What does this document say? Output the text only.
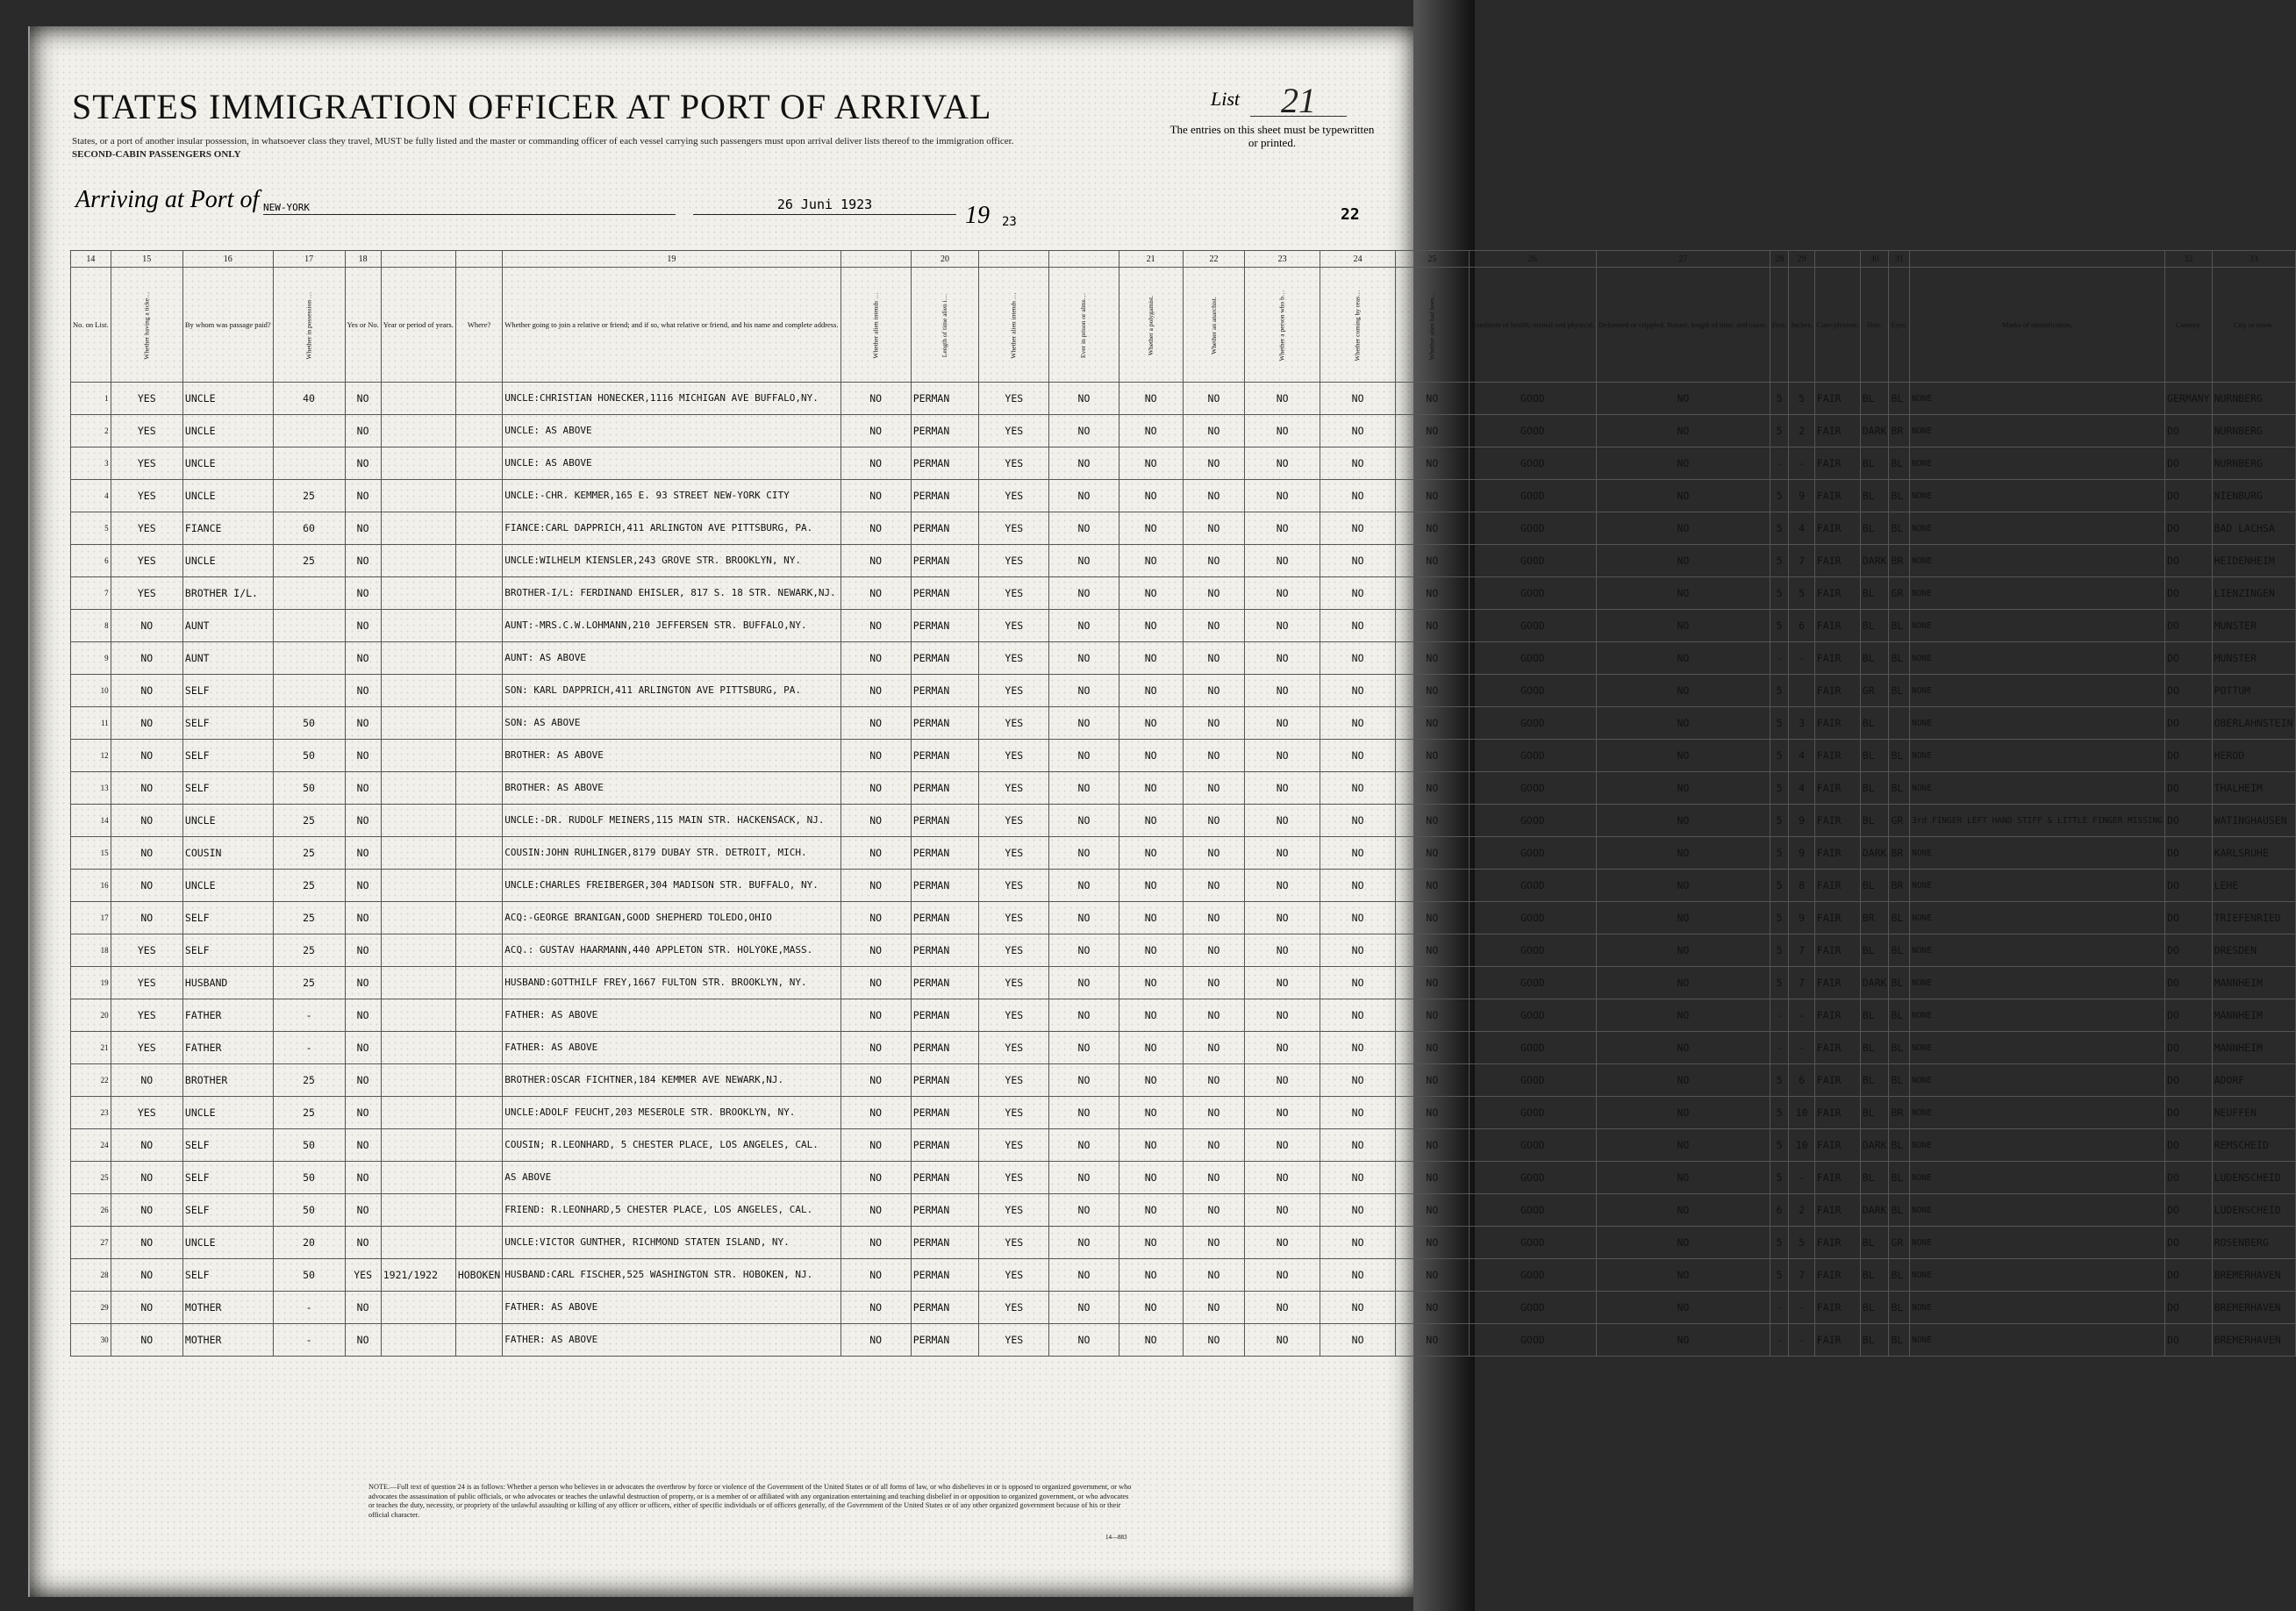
STATES IMMIGRATION OFFICER AT PORT OF ARRIVAL
States, or a port of another insular possession, in whatsoever class they travel, MUST be fully listed and the master or commanding officer of each vessel carrying such passengers must upon arrival deliver lists thereof to the immigration officer.
SECOND-CABIN PASSENGERS ONLY
List	21
The entries on this sheet must be typewritten or printed.
Arriving at Port of NEW-YORK	26 Juni 1923	19 23	22
14	15	16	17	18			19		20			21	22	23	24	25	26	27	28	29		30	31		32	33
No. on List.	Whether having a ticke…	By whom was passage paid?	Whether in possession …	Yes or No.	Year or period of years.	Where?	Whether going to join a relative or friend; and if so, what relative or friend, and his name and complete address.	Whether alien intends …	Length of time alien i…	Whether alien intends …	Ever in prison or alms…	Whether a polygamist.	Whether an anarchist.	Whether a person who b…	Whether coming by reas…	Whether alien had been…	Condition of health, mental and physical.	Deformed or crippled. Nature, length of time, and cause.	Feet.	Inches.	Com-plexion.	Hair.	Eyes.	Marks of identification.	Country.	City or town.
1	YES	UNCLE	40	NO			UNCLE:CHRISTIAN HONECKER,1116 MICHIGAN AVE BUFFALO,NY.	NO	PERMAN	YES	NO	NO	NO	NO	NO	NO	GOOD	NO	5	5	FAIR	BL	BL	NONE	GERMANY	NURNBERG
2	YES	UNCLE		NO			UNCLE: AS ABOVE	NO	PERMAN	YES	NO	NO	NO	NO	NO	NO	GOOD	NO	5	2	FAIR	DARK	BR	NONE	DO	NURNBERG
3	YES	UNCLE		NO			UNCLE: AS ABOVE	NO	PERMAN	YES	NO	NO	NO	NO	NO	NO	GOOD	NO	-	-	FAIR	BL	BL	NONE	DO	NURNBERG
4	YES	UNCLE	25	NO			UNCLE:-CHR. KEMMER,165 E. 93 STREET NEW-YORK CITY	NO	PERMAN	YES	NO	NO	NO	NO	NO	NO	GOOD	NO	5	9	FAIR	BL	BL	NONE	DO	NIENBURG
5	YES	FIANCE	60	NO			FIANCE:CARL DAPPRICH,411 ARLINGTON AVE PITTSBURG, PA.	NO	PERMAN	YES	NO	NO	NO	NO	NO	NO	GOOD	NO	5	4	FAIR	BL	BL	NONE	DO	BAD LACHSA
6	YES	UNCLE	25	NO			UNCLE:WILHELM KIENSLER,243 GROVE STR. BROOKLYN, NY.	NO	PERMAN	YES	NO	NO	NO	NO	NO	NO	GOOD	NO	5	7	FAIR	DARK	BR	NONE	DO	HEIDENHEIM
7	YES	BROTHER I/L.		NO			BROTHER-I/L: FERDINAND EHISLER, 817 S. 18 STR. NEWARK,NJ.	NO	PERMAN	YES	NO	NO	NO	NO	NO	NO	GOOD	NO	5	5	FAIR	BL	GR	NONE	DO	LIENZINGEN
8	NO	AUNT		NO			AUNT:-MRS.C.W.LOHMANN,210 JEFFERSEN STR. BUFFALO,NY.	NO	PERMAN	YES	NO	NO	NO	NO	NO	NO	GOOD	NO	5	6	FAIR	BL	BL	NONE	DO	MUNSTER
9	NO	AUNT		NO			AUNT: AS ABOVE	NO	PERMAN	YES	NO	NO	NO	NO	NO	NO	GOOD	NO	-	-	FAIR	BL	BL	NONE	DO	MUNSTER
10	NO	SELF		NO			SON: KARL DAPPRICH,411 ARLINGTON AVE PITTSBURG, PA.	NO	PERMAN	YES	NO	NO	NO	NO	NO	NO	GOOD	NO	5		FAIR	GR	BL	NONE	DO	POTTUM
11	NO	SELF	50	NO			SON: AS ABOVE	NO	PERMAN	YES	NO	NO	NO	NO	NO	NO	GOOD	NO	5	3	FAIR	BL		NONE	DO	OBERLAHNSTEIN
12	NO	SELF	50	NO			BROTHER: AS ABOVE	NO	PERMAN	YES	NO	NO	NO	NO	NO	NO	GOOD	NO	5	4	FAIR	BL	BL	NONE	DO	HEROD
13	NO	SELF	50	NO			BROTHER: AS ABOVE	NO	PERMAN	YES	NO	NO	NO	NO	NO	NO	GOOD	NO	5	4	FAIR	BL	BL	NONE	DO	THALHEIM
14	NO	UNCLE	25	NO			UNCLE:-DR. RUDOLF MEINERS,115 MAIN STR. HACKENSACK, NJ.	NO	PERMAN	YES	NO	NO	NO	NO	NO	NO	GOOD	NO	5	9	FAIR	BL	GR	3rd FINGER LEFT HAND STIFF & LITTLE FINGER MISSING	DO	WATINGHAUSEN
15	NO	COUSIN	25	NO			COUSIN:JOHN RUHLINGER,8179 DUBAY STR. DETROIT, MICH.	NO	PERMAN	YES	NO	NO	NO	NO	NO	NO	GOOD	NO	5	9	FAIR	DARK	BR	NONE	DO	KARLSRUHE
16	NO	UNCLE	25	NO			UNCLE:CHARLES FREIBERGER,304 MADISON STR. BUFFALO, NY.	NO	PERMAN	YES	NO	NO	NO	NO	NO	NO	GOOD	NO	5	8	FAIR	BL	BR	NONE	DO	LEHE
17	NO	SELF	25	NO			ACQ:-GEORGE BRANIGAN,GOOD SHEPHERD TOLEDO,OHIO	NO	PERMAN	YES	NO	NO	NO	NO	NO	NO	GOOD	NO	5	9	FAIR	BR	BL	NONE	DO	TRIEFENRIED
18	YES	SELF	25	NO			ACQ.: GUSTAV HAARMANN,440 APPLETON STR. HOLYOKE,MASS.	NO	PERMAN	YES	NO	NO	NO	NO	NO	NO	GOOD	NO	5	7	FAIR	BL	BL	NONE	DO	DRESDEN
19	YES	HUSBAND	25	NO			HUSBAND:GOTTHILF FREY,1667 FULTON STR. BROOKLYN, NY.	NO	PERMAN	YES	NO	NO	NO	NO	NO	NO	GOOD	NO	5	7	FAIR	DARK	BL	NONE	DO	MANNHEIM
20	YES	FATHER	-	NO			FATHER: AS ABOVE	NO	PERMAN	YES	NO	NO	NO	NO	NO	NO	GOOD	NO	-	-	FAIR	BL	BL	NONE	DO	MANNHEIM
21	YES	FATHER	-	NO			FATHER: AS ABOVE	NO	PERMAN	YES	NO	NO	NO	NO	NO	NO	GOOD	NO	-	-	FAIR	BL	BL	NONE	DO	MANNHEIM
22	NO	BROTHER	25	NO			BROTHER:OSCAR FICHTNER,184 KEMMER AVE NEWARK,NJ.	NO	PERMAN	YES	NO	NO	NO	NO	NO	NO	GOOD	NO	5	6	FAIR	BL	BL	NONE	DO	ADORF
23	YES	UNCLE	25	NO			UNCLE:ADOLF FEUCHT,203 MESEROLE STR. BROOKLYN, NY.	NO	PERMAN	YES	NO	NO	NO	NO	NO	NO	GOOD	NO	5	10	FAIR	BL	BR	NONE	DO	NEUFFEN
24	NO	SELF	50	NO			COUSIN; R.LEONHARD, 5 CHESTER PLACE, LOS ANGELES, CAL.	NO	PERMAN	YES	NO	NO	NO	NO	NO	NO	GOOD	NO	5	10	FAIR	DARK	BL	NONE	DO	REMSCHEID
25	NO	SELF	50	NO			AS ABOVE	NO	PERMAN	YES	NO	NO	NO	NO	NO	NO	GOOD	NO	5	-	FAIR	BL	BL	NONE	DO	LUDENSCHEID
26	NO	SELF	50	NO			FRIEND: R.LEONHARD,5 CHESTER PLACE, LOS ANGELES, CAL.	NO	PERMAN	YES	NO	NO	NO	NO	NO	NO	GOOD	NO	6	2	FAIR	DARK	BL	NONE	DO	LUDENSCHEID
27	NO	UNCLE	20	NO			UNCLE:VICTOR GUNTHER, RICHMOND STATEN ISLAND, NY.	NO	PERMAN	YES	NO	NO	NO	NO	NO	NO	GOOD	NO	5	5	FAIR	BL	GR	NONE	DO	ROSENBERG
28	NO	SELF	50	YES	1921/1922	HOBOKEN	HUSBAND:CARL FISCHER,525 WASHINGTON STR. HOBOKEN, NJ.	NO	PERMAN	YES	NO	NO	NO	NO	NO	NO	GOOD	NO	5	7	FAIR	BL	BL	NONE	DO	BREMERHAVEN
29	NO	MOTHER	-	NO			FATHER: AS ABOVE	NO	PERMAN	YES	NO	NO	NO	NO	NO	NO	GOOD	NO	-	-	FAIR	BL	BL	NONE	DO	BREMERHAVEN
30	NO	MOTHER	-	NO			FATHER: AS ABOVE	NO	PERMAN	YES	NO	NO	NO	NO	NO	NO	GOOD	NO	-	-	FAIR	BL	BL	NONE	DO	BREMERHAVEN
NOTE.—Full text of question 24 is as follows: Whether a person who believes in or advocates the overthrow by force or violence of the Government of the United States or of all forms of law, or who disbelieves in or is opposed to organized government, or who advocates the assassination of public officials, or who advocates or teaches the unlawful destruction of property, or is a member of or affiliated with any organization entertaining and teaching disbelief in or opposition to organized government, or who advocates or teaches the duty, necessity, or propriety of the unlawful assaulting or killing of any officer or officers, either of specific individuals or of officers generally, of the Government of the United States or of any other organized government because of his or their official character.
14—883
